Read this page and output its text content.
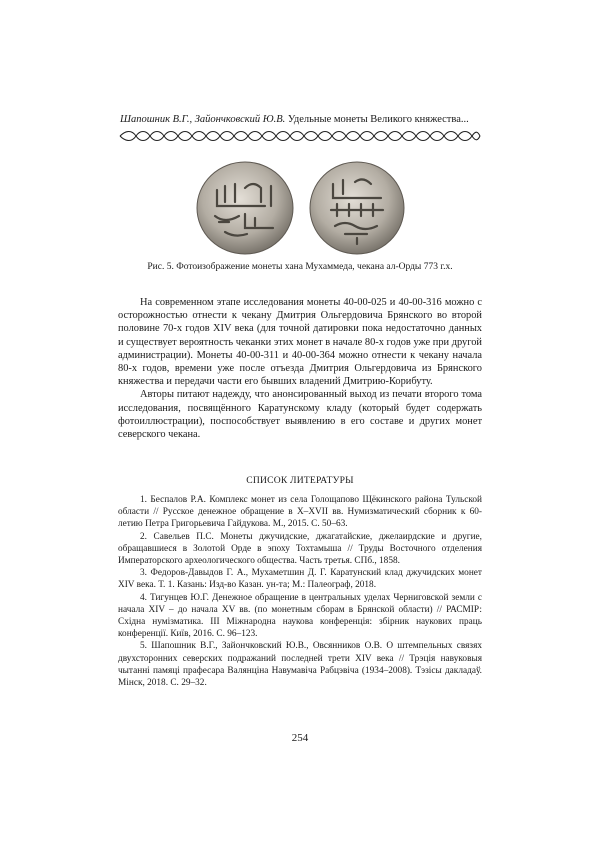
Шапошник В.Г., Зайончковский Ю.В. Удельные монеты Великого княжества...
Рис. 5. Фотоизображение монеты хана Мухаммеда, чекана ал-Орды 773 г.х.

На современном этапе исследования монеты 40-00-025 и 40-00-316 можно с осторожностью отнести к чекану Дмитрия Ольгердовича Брянского во второй половине 70-х годов XIV века (для точной датировки пока недостаточно данных и существует вероятность чеканки этих монет в начале 80-х годов уже при другой администрации). Монеты 40-00-311 и 40-00-364 можно отнести к чекану начала 80-х годов, времени уже после отъезда Дмитрия Ольгердовича из Брянского княжества и передачи части его бывших владений Дмитрию-Корибуту.

Авторы питают надежду, что анонсированный выход из печати второго тома исследования, посвящённого Каратунскому кладу (который будет содержать фотоиллюстрации), поспособствует выявлению в его составе и других монет северского чекана.

СПИСОК ЛИТЕРАТУРЫ

1. Беспалов Р.А. Комплекс монет из села Голощапово Щёкинского района Тульской области // Русское денежное обращение в X–XVII вв. Нумизматический сборник к 60-летию Петра Григорьевича Гайдукова. М., 2015. С. 50–63.

2. Савельев П.С. Монеты джучидские, джагатайские, джелаирдские и другие, обращавшиеся в Золотой Орде в эпоху Тохтамыша // Труды Восточного отделения Императорского археологического общества. Часть третья. СПб., 1858.

3. Федоров-Давыдов Г. А., Мухаметшин Д. Г. Каратунский клад джучидских монет XIV века. Т. 1. Казань: Изд-во Казан. ун-та; М.: Палеограф, 2018.

4. Тигунцев Ю.Г. Денежное обращение в центральных уделах Черниговской земли с начала XIV – до начала XV вв. (по монетным сборам в Брянской области) // РАСМІР: Східна нумізматика. ІІІ Міжнародна наукова конференція: збірник наукових праць конференції. Київ, 2016. С. 96–123.

5. Шапошник В.Г., Зайончковский Ю.В., Овсянников О.В. О штемпельных связях двухсторонних северских подражаний последней трети XIV века // Трэція навуковыя чытанні памяці прафесара Валянціна Навумавіча Рабцэвіча (1934–2008). Тэзісы дакладаў. Мінск, 2018. С. 29–32.

254
